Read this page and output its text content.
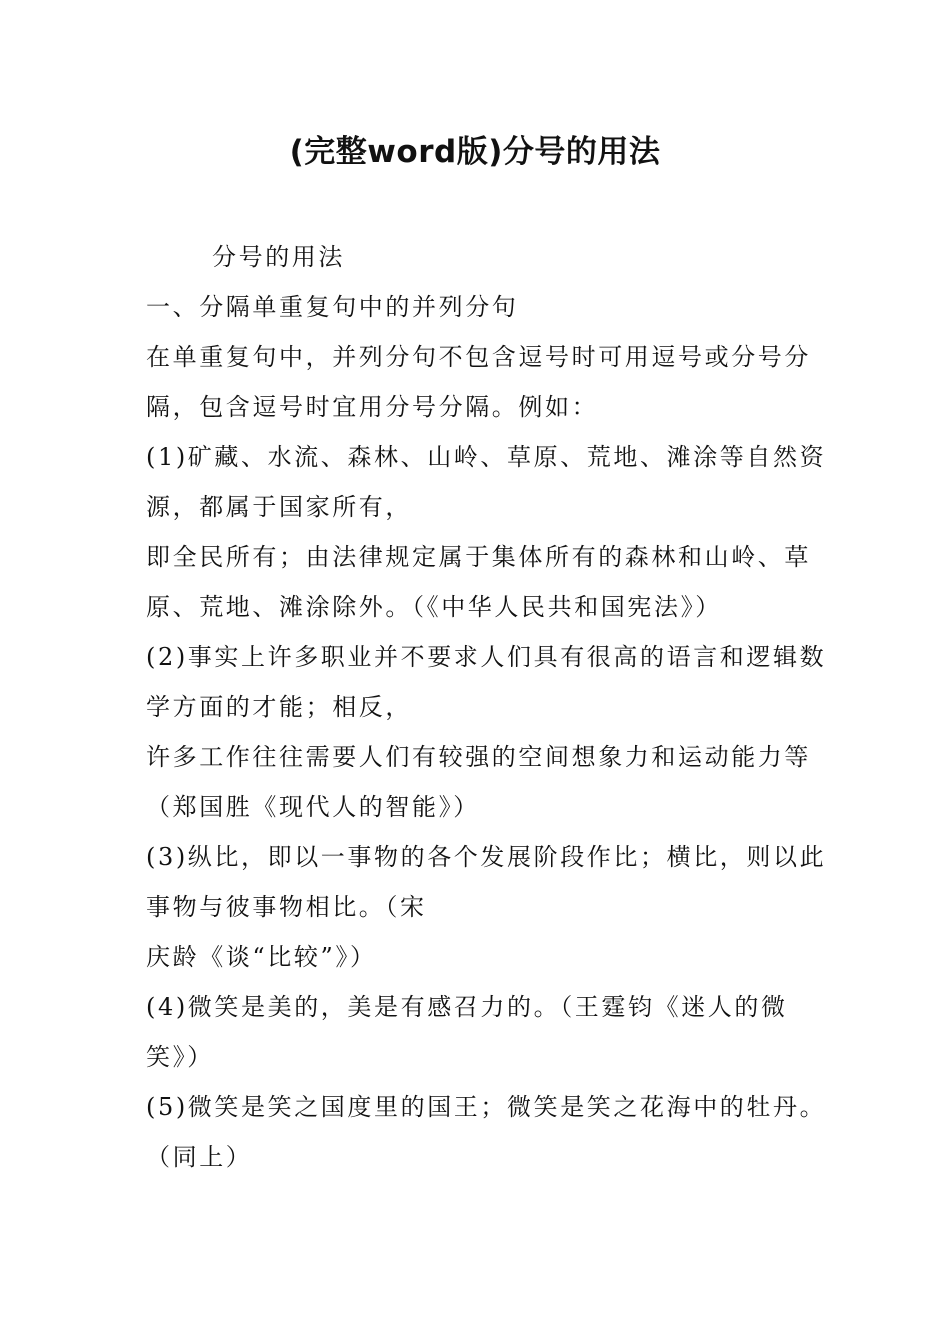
(完整word版)分号的用法

分号的用法

一、分隔单重复句中的并列分句

在单重复句中，并列分句不包含逗号时可用逗号或分号分

隔，包含逗号时宜用分号分隔。例如：

(1)矿藏、水流、森林、山岭、草原、荒地、滩涂等自然资

源，都属于国家所有，

即全民所有；由法律规定属于集体所有的森林和山岭、草

原、荒地、滩涂除外。（《中华人民共和国宪法》）

(2)事实上许多职业并不要求人们具有很高的语言和逻辑数

学方面的才能；相反，

许多工作往往需要人们有较强的空间想象力和运动能力等

（郑国胜《现代人的智能》）

(3)纵比，即以一事物的各个发展阶段作比；横比，则以此

事物与彼事物相比。（宋

庆龄《谈“比较”》）

(4)微笑是美的，美是有感召力的。（王霆钧《迷人的微

笑》）

(5)微笑是笑之国度里的国王；微笑是笑之花海中的牡丹。

（同上）
